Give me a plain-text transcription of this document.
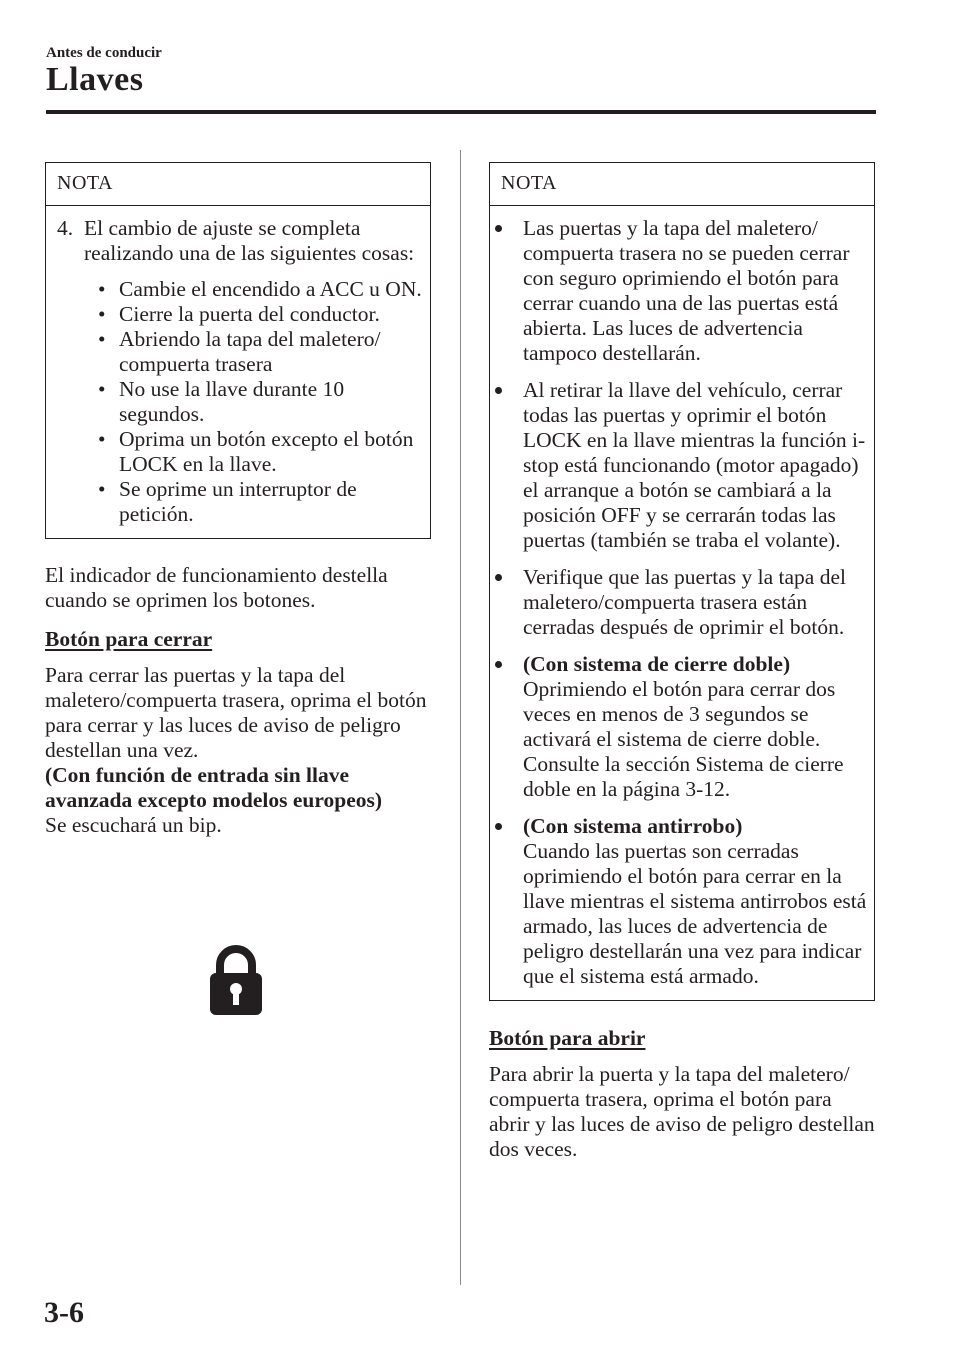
Antes de conducir
Llaves
NOTA
4. El cambio de ajuste se completa realizando una de las siguientes cosas:
• Cambie el encendido a ACC u ON.
• Cierre la puerta del conductor.
• Abriendo la tapa del maletero/ compuerta trasera
• No use la llave durante 10 segundos.
• Oprima un botón excepto el botón LOCK en la llave.
• Se oprime un interruptor de petición.
El indicador de funcionamiento destella cuando se oprimen los botones.
Botón para cerrar
Para cerrar las puertas y la tapa del maletero/compuerta trasera, oprima el botón para cerrar y las luces de aviso de peligro destellan una vez.
(Con función de entrada sin llave avanzada excepto modelos europeos)
Se escuchará un bip.
NOTA
Las puertas y la tapa del maletero/ compuerta trasera no se pueden cerrar con seguro oprimiendo el botón para cerrar cuando una de las puertas está abierta. Las luces de advertencia tampoco destellarán.
Al retirar la llave del vehículo, cerrar todas las puertas y oprimir el botón LOCK en la llave mientras la función i-stop está funcionando (motor apagado) el arranque a botón se cambiará a la posición OFF y se cerrarán todas las puertas (también se traba el volante).
Verifique que las puertas y la tapa del maletero/compuerta trasera están cerradas después de oprimir el botón.
(Con sistema de cierre doble)
Oprimiendo el botón para cerrar dos veces en menos de 3 segundos se activará el sistema de cierre doble. Consulte la sección Sistema de cierre doble en la página 3-12.
(Con sistema antirrobo)
Cuando las puertas son cerradas oprimiendo el botón para cerrar en la llave mientras el sistema antirrobos está armado, las luces de advertencia de peligro destellarán una vez para indicar que el sistema está armado.
Botón para abrir
Para abrir la puerta y la tapa del maletero/ compuerta trasera, oprima el botón para abrir y las luces de aviso de peligro destellan dos veces.
3-6
